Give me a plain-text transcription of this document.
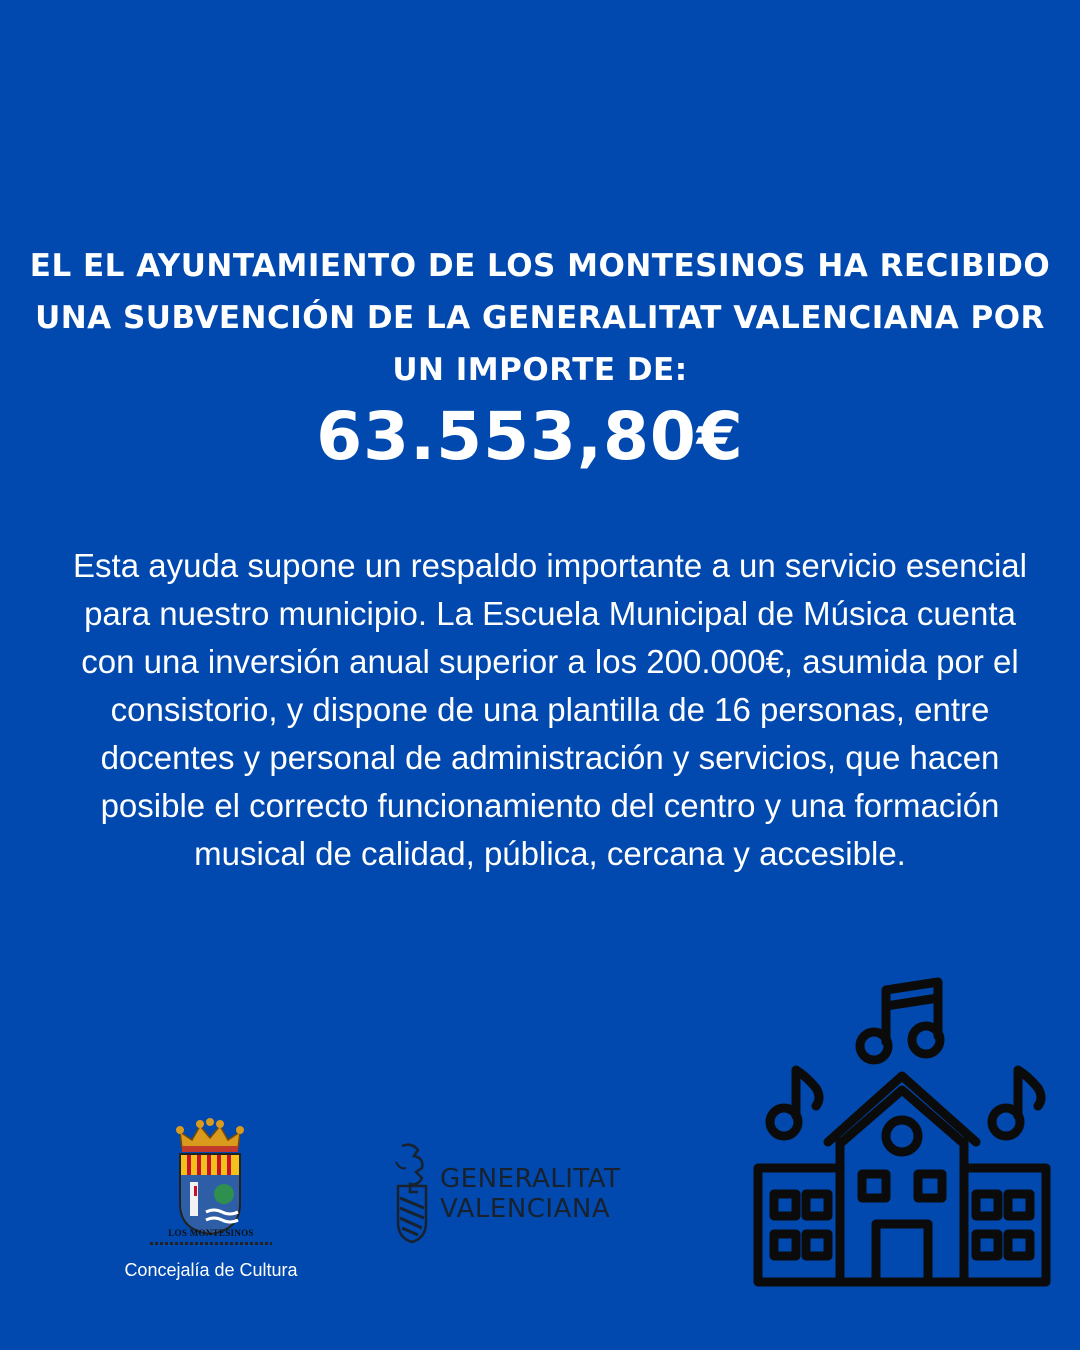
EL EL AYUNTAMIENTO DE LOS MONTESINOS HA RECIBIDO UNA SUBVENCIÓN DE LA GENERALITAT VALENCIANA POR UN IMPORTE DE:
63.553,80€
Esta ayuda supone un respaldo importante a un servicio esencial para nuestro municipio. La Escuela Municipal de Música cuenta con una inversión anual superior a los 200.000€, asumida por el consistorio, y dispone de una plantilla de 16 personas, entre docentes y personal de administración y servicios, que hacen posible el correcto funcionamiento del centro y una formación musical de calidad, pública, cercana y accesible.
LOS MONTESINOS
Concejalía de Cultura
GENERALITAT
VALENCIANA
